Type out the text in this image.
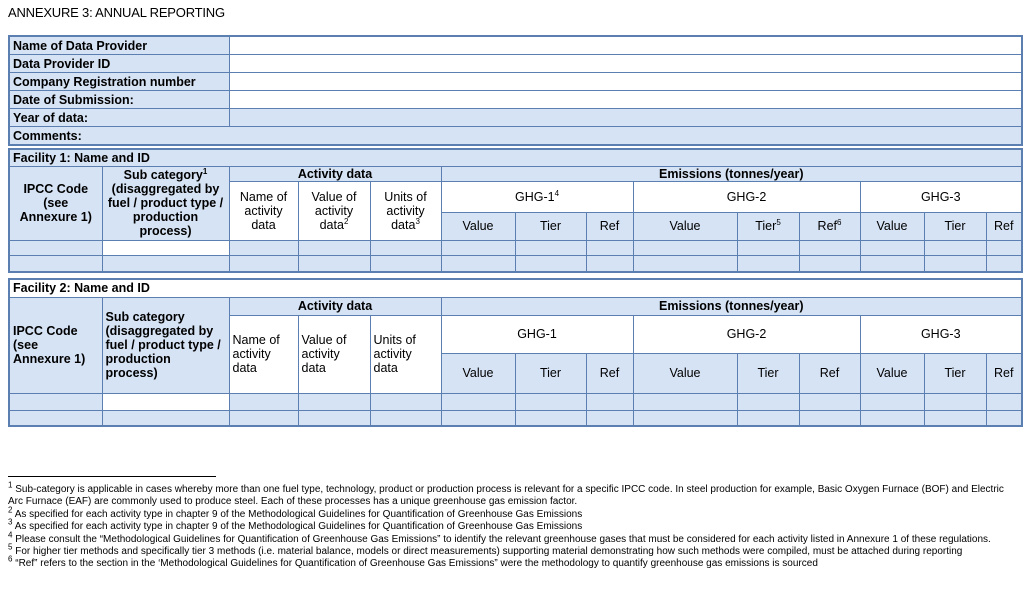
ANNEXURE 3: ANNUAL REPORTING
Name of Data Provider	
Data Provider ID	
Company Registration number	
Date of Submission:	
Year of data:	
Comments:	
Facility 1: Name and ID													
IPCC Code (see Annexure 1)	Sub category$^1$ (disaggregated by fuel / product type / production process)	Activity data			Emissions (tonnes/year)								
		Name of activity data	Value of activity data$^2$	Units of activity data$^3$	GHG-$1^4$			GHG-2			GHG-3		
					Value	Tier	Ref	Value	Tier$^5$	Ref$^6$	Value	Tier	Ref

Facility 2: Name and ID													
IPCC Code (see Annexure 1)	Sub category (disaggregated by fuel / product type / production process)	Activity data			Emissions (tonnes/year)								
		Name of activity data	Value of activity data	Units of activity data	GHG-1			GHG-2			GHG-3		
					Value	Tier	Ref	Value	Tier	Ref	Value	Tier	Ref

$^1$ Sub-category is applicable in cases whereby more than one fuel type, technology, product or production process is relevant for a specific IPCC code. In steel production for example, Basic Oxygen Furnace (BOF) and Electric Arc Furnace (EAF) are commonly used to produce steel. Each of these processes has a unique greenhouse gas emission factor.

$^2$ As specified for each activity type in chapter 9 of the Methodological Guidelines for Quantification of Greenhouse Gas Emissions

$^3$ As specified for each activity type in chapter 9 of the Methodological Guidelines for Quantification of Greenhouse Gas Emissions

$^4$ Please consult the “Methodological Guidelines for Quantification of Greenhouse Gas Emissions” to identify the relevant greenhouse gases that must be considered for each activity listed in Annexure 1 of these regulations.

$^5$ For higher tier methods and specifically tier 3 methods (i.e. material balance, models or direct measurements) supporting material demonstrating how such methods were compiled, must be attached during reporting

$^6$ “Ref” refers to the section in the ‘Methodological Guidelines for Quantification of Greenhouse Gas Emissions” were the methodology to quantify greenhouse gas emissions is sourced
